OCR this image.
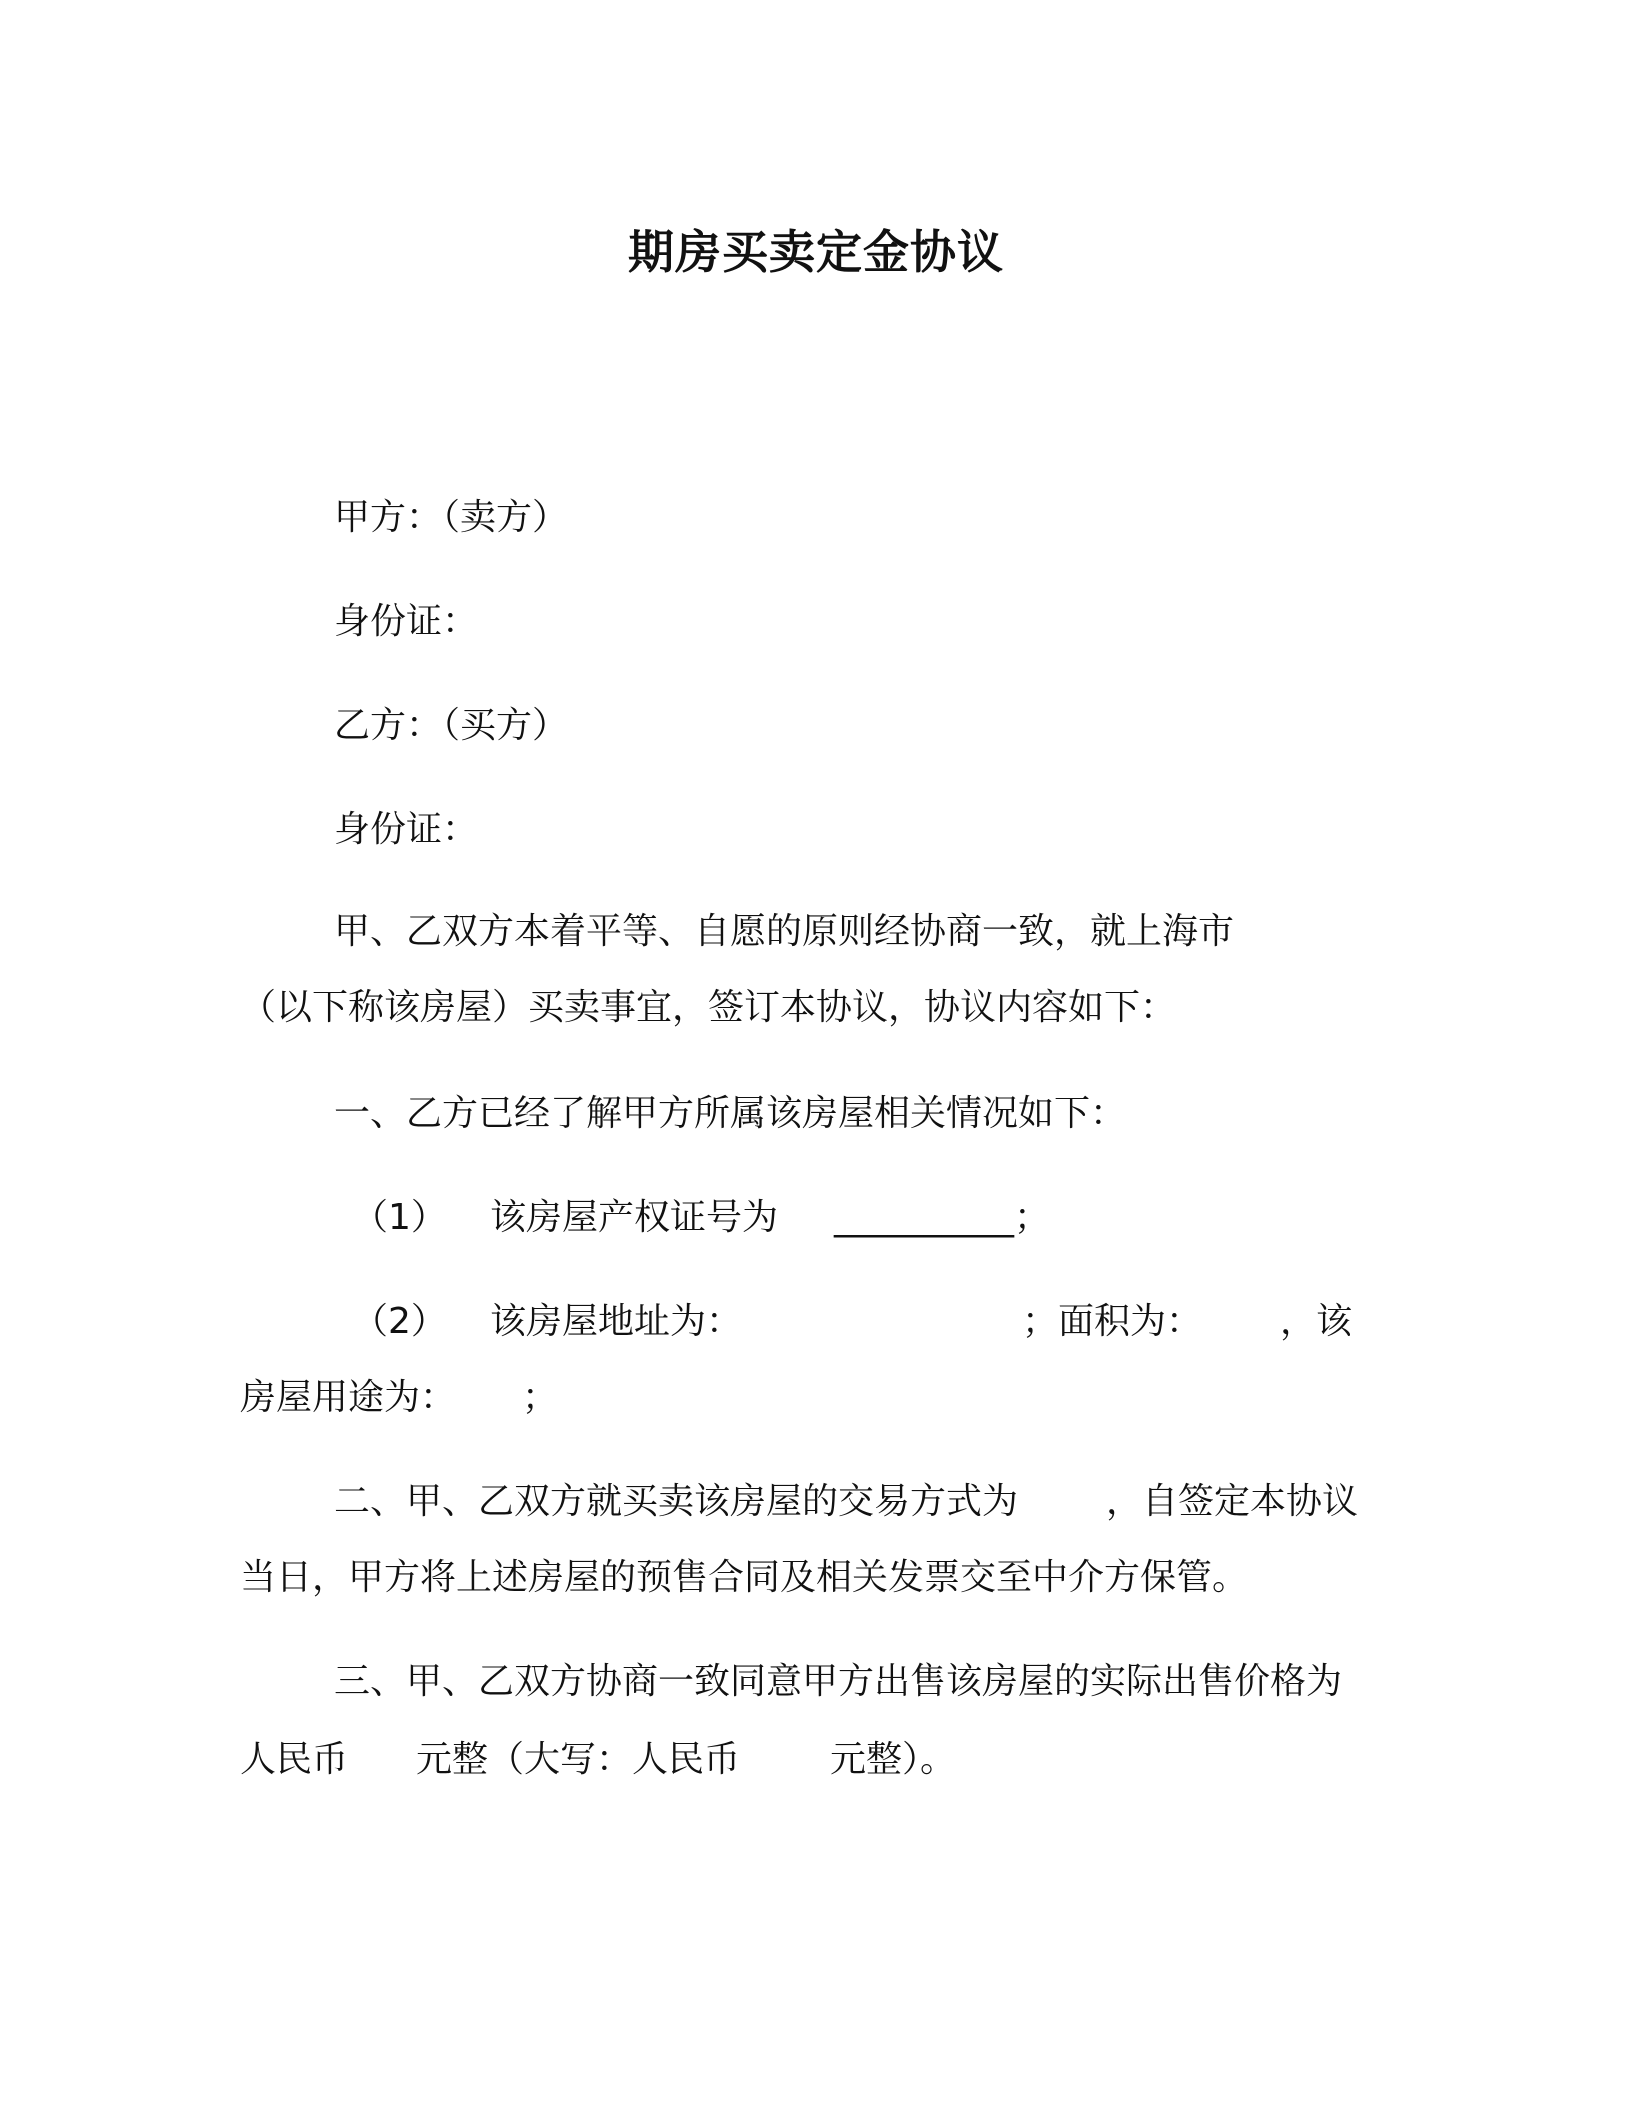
期房买卖定金协议
甲方：（卖方）
身份证：
乙方：（买方）
身份证：
甲、乙双方本着平等、自愿的原则经协商一致，就上海市
（以下称该房屋）买卖事宜，签订本协议，协议内容如下：
一、乙方已经了解甲方所属该房屋相关情况如下：
（1） 该房屋产权证号为 __________；
（2） 该房屋地址为：	；面积为： ，该
房屋用途为： ；
二、甲、乙双方就买卖该房屋的交易方式为 ，自签定本协议
当日，甲方将上述房屋的预售合同及相关发票交至中介方保管。
三、甲、乙双方协商一致同意甲方出售该房屋的实际出售价格为
人民币 元整（大写：人民币 元整）。
